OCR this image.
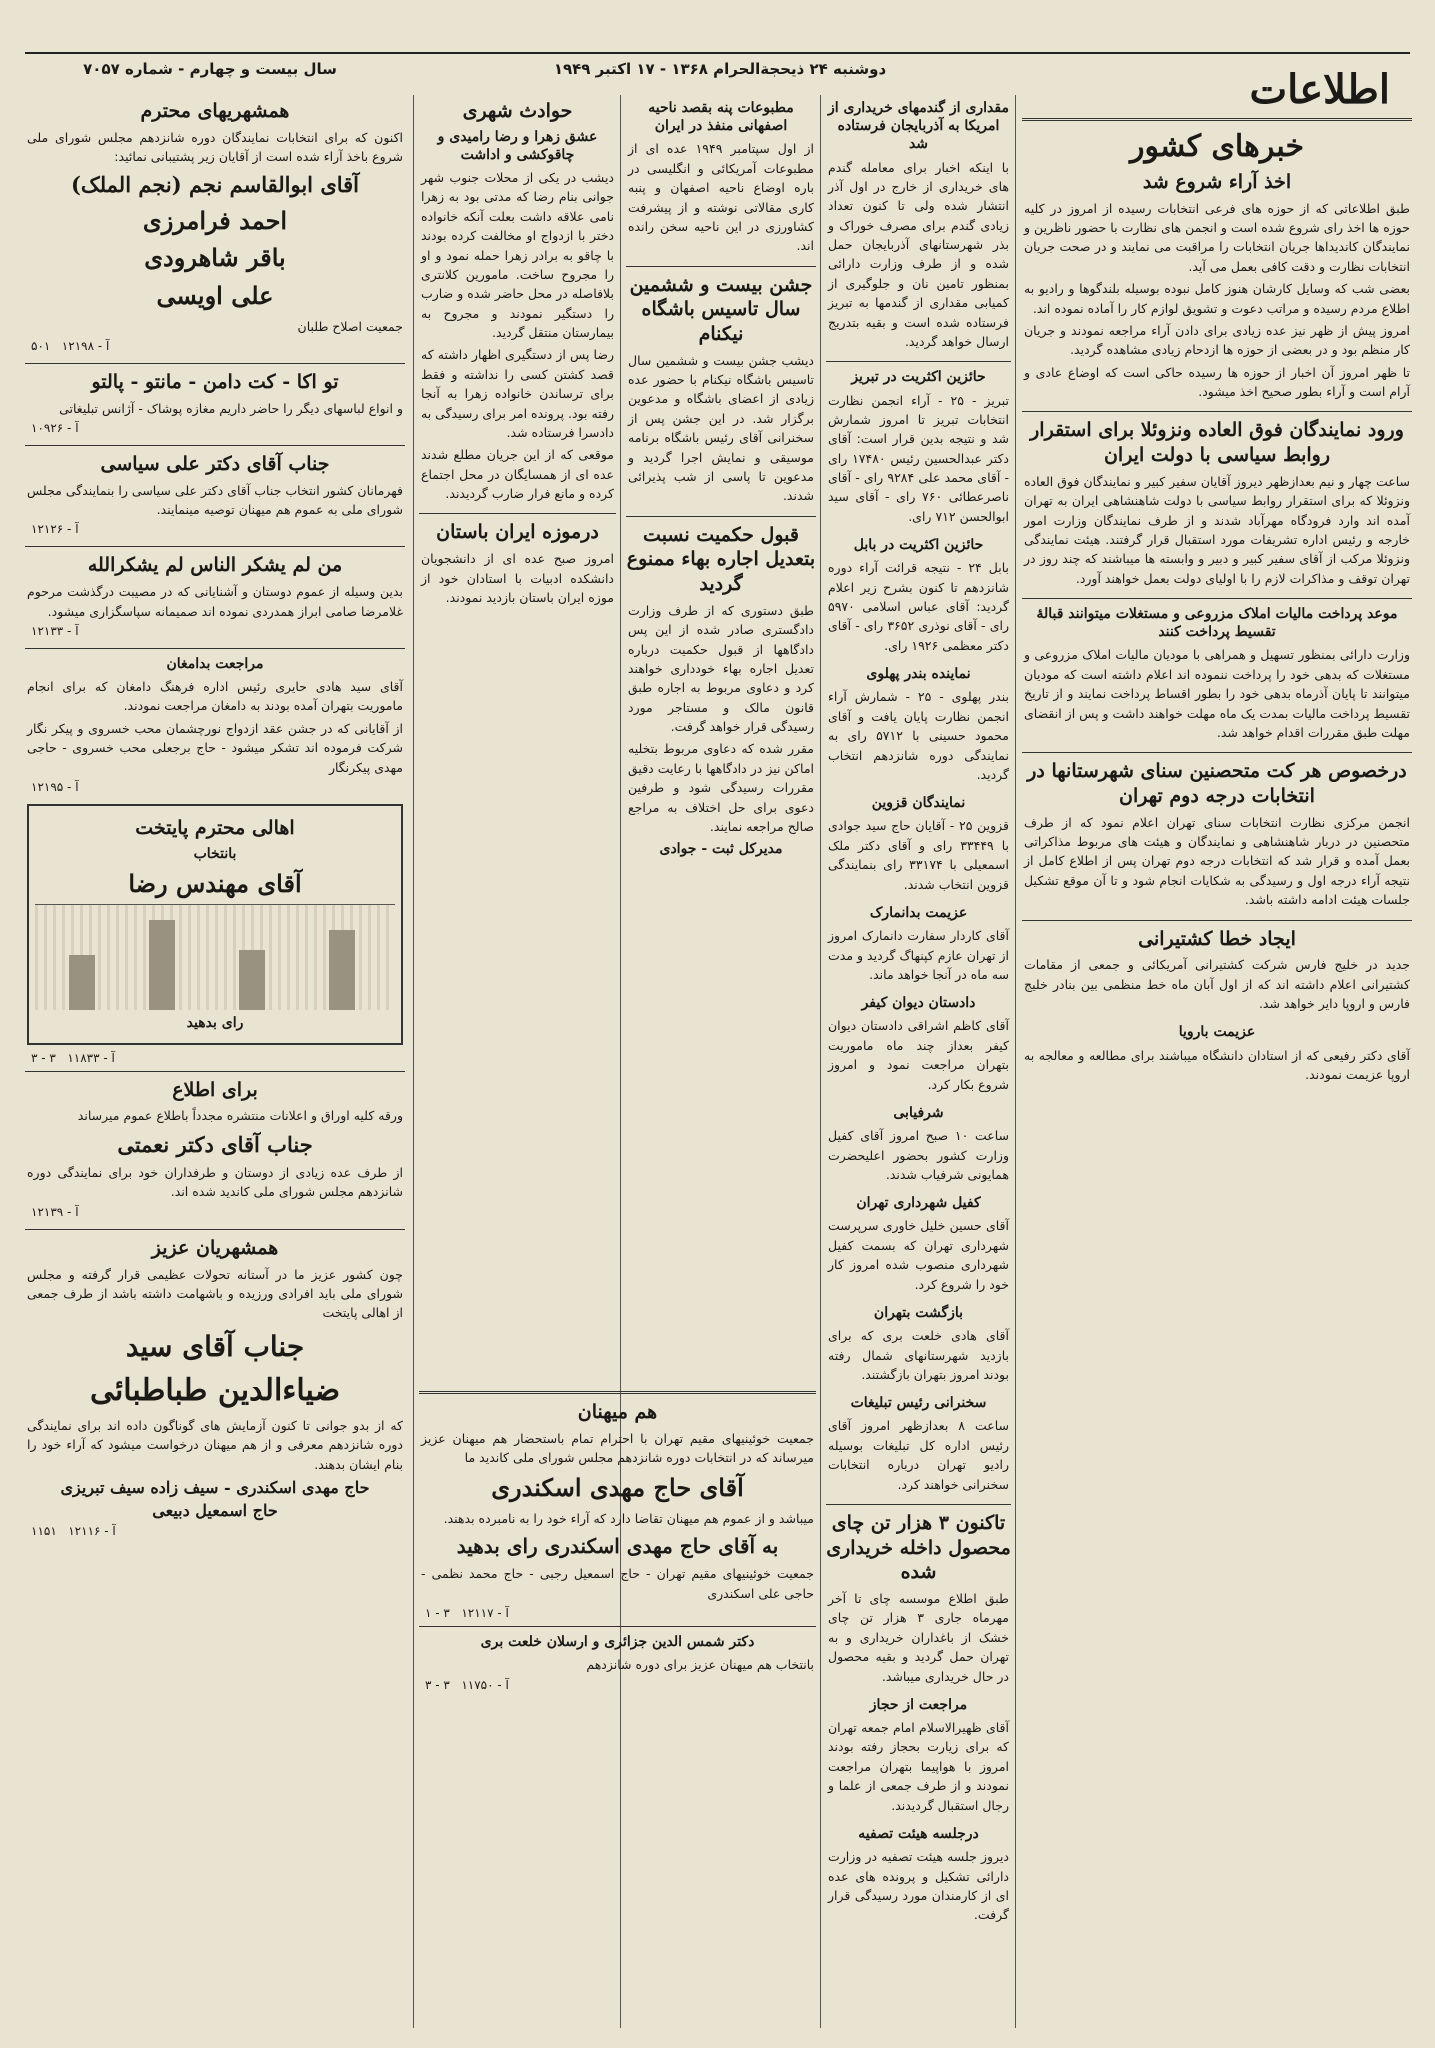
دوشنبه ۲۴ ذیحجةالحرام ۱۳۶۸ - ۱۷ اکتبر ۱۹۴۹
سال بیست و چهارم - شماره ۷۰۵۷	اطلاعات
خبرهای کشور
اخذ آراء شروع شد
طبق اطلاعاتی که از حوزه های فرعی انتخابات رسیده از امروز در کلیه حوزه ها اخذ رای شروع شده است و انجمن های نظارت با حضور ناظرین و نمایندگان کاندیداها جریان انتخابات را مراقبت می نمایند و در صحت جریان انتخابات نظارت و دقت کافی بعمل می آید.
بعضی شب که وسایل کارشان هنوز کامل نبوده بوسیله بلندگوها و رادیو به اطلاع مردم رسیده و مراتب دعوت و تشویق لوازم کار را آماده نموده اند.
امروز پیش از ظهر نیز عده زیادی برای دادن آراء مراجعه نمودند و جریان کار منظم بود و در بعضی از حوزه ها ازدحام زیادی مشاهده گردید.
تا ظهر امروز آن اخبار از حوزه ها رسیده حاکی است که اوضاع عادی و آرام است و آراء بطور صحیح اخذ میشود.
ورود نمایندگان فوق العاده ونزوئلا برای استقرار روابط سیاسی با دولت ایران
ساعت چهار و نیم بعدازظهر دیروز آقایان سفیر کبیر و نمایندگان فوق العاده ونزوئلا که برای استقرار روابط سیاسی با دولت شاهنشاهی ایران به تهران آمده اند وارد فرودگاه مهرآباد شدند و از طرف نمایندگان وزارت امور خارجه و رئیس اداره تشریفات مورد استقبال قرار گرفتند. هیئت نمایندگی ونزوئلا مرکب از آقای سفیر کبیر و دبیر و وابسته ها میباشند که چند روز در تهران توقف و مذاکرات لازم را با اولیای دولت بعمل خواهند آورد.
موعد پرداخت مالیات املاک مزروعی و مستغلات میتوانند قبالهٔ تقسیط پرداخت کنند
وزارت دارائی بمنظور تسهیل و همراهی با مودیان مالیات املاک مزروعی و مستغلات که بدهی خود را پرداخت ننموده اند اعلام داشته است که مودیان میتوانند تا پایان آذرماه بدهی خود را بطور اقساط پرداخت نمایند و از تاریخ تقسیط پرداخت مالیات بمدت یک ماه مهلت خواهند داشت و پس از انقضای مهلت طبق مقررات اقدام خواهد شد.
درخصوص هر کت متحصنین سنای شهرستانها در انتخابات درجه دوم تهران
انجمن مرکزی نظارت انتخابات سنای تهران اعلام نمود که از طرف متحصنین در دربار شاهنشاهی و نمایندگان و هیئت های مربوط مذاکراتی بعمل آمده و قرار شد که انتخابات درجه دوم تهران پس از اطلاع کامل از نتیجه آراء درجه اول و رسیدگی به شکایات انجام شود و تا آن موقع تشکیل جلسات هیئت ادامه داشته باشد.
ایجاد خطا کشتیرانی
جدید در خلیج فارس شرکت کشتیرانی آمریکائی و جمعی از مقامات کشتیرانی اعلام داشته اند که از اول آبان ماه خط منظمی بین بنادر خلیج فارس و اروپا دایر خواهد شد.
عزیمت بارویا
آقای دکتر رفیعی که از استادان دانشگاه میباشند برای مطالعه و معالجه به اروپا عزیمت نمودند.
مقداری از گندمهای خریداری از امریکا به آذربایجان فرستاده شد
با اینکه اخبار برای معامله گندم های خریداری از خارج در اول آذر انتشار شده ولی تا کنون تعداد زیادی گندم برای مصرف خوراک و بذر شهرستانهای آذربایجان حمل شده و از طرف وزارت دارائی بمنظور تامین نان و جلوگیری از کمیابی مقداری از گندمها به تبریز فرستاده شده است و بقیه بتدریج ارسال خواهد گردید.
حائزین اکثریت در تبریز
تبریز - ۲۵ - آراء انجمن نظارت انتخابات تبریز تا امروز شمارش شد و نتیجه بدین قرار است: آقای دکتر عبدالحسین رئیس ۱۷۴۸۰ رای - آقای محمد علی ۹۲۸۴ رای - آقای ناصرعطائی ۷۶۰ رای - آقای سید ابوالحسن ۷۱۲ رای.
حائزین اکثریت در بابل
بابل ۲۴ - نتیجه قرائت آراء دوره شانزدهم تا کنون بشرح زیر اعلام گردید: آقای عباس اسلامی ۵۹۷۰ رای - آقای نوذری ۳۶۵۲ رای - آقای دکتر معظمی ۱۹۲۶ رای.
نماینده بندر پهلوی
بندر پهلوی - ۲۵ - شمارش آراء انجمن نظارت پایان یافت و آقای محمود حسینی با ۵۷۱۲ رای به نمایندگی دوره شانزدهم انتخاب گردید.
نمایندگان قزوین
قزوین ۲۵ - آقایان حاج سید جوادی با ۳۳۴۴۹ رای و آقای دکتر ملک اسمعیلی با ۳۳۱۷۴ رای بنمایندگی قزوین انتخاب شدند.
عزیمت بدانمارک
آقای کاردار سفارت دانمارک امروز از تهران عازم کپنهاگ گردید و مدت سه ماه در آنجا خواهد ماند.
دادستان دیوان کیفر
آقای کاظم اشراقی دادستان دیوان کیفر بعداز چند ماه ماموریت بتهران مراجعت نمود و امروز شروع بکار کرد.
شرفیابی
ساعت ۱۰ صبح امروز آقای کفیل وزارت کشور بحضور اعلیحضرت همایونی شرفیاب شدند.
کفیل شهرداری تهران
آقای حسین خلیل خاوری سرپرست شهرداری تهران که بسمت کفیل شهرداری منصوب شده امروز کار خود را شروع کرد.
بازگشت بتهران
آقای هادی خلعت بری که برای بازدید شهرستانهای شمال رفته بودند امروز بتهران بازگشتند.
سخنرانی رئیس تبلیغات
ساعت ۸ بعدازظهر امروز آقای رئیس اداره کل تبلیغات بوسیله رادیو تهران درباره انتخابات سخنرانی خواهند کرد.
تاکنون ۳ هزار تن چای محصول داخله خریداری شده
طبق اطلاع موسسه چای تا آخر مهرماه جاری ۳ هزار تن چای خشک از باغداران خریداری و به تهران حمل گردید و بقیه محصول در حال خریداری میباشد.
مراجعت از حجاز
آقای ظهیرالاسلام امام جمعه تهران که برای زیارت بحجاز رفته بودند امروز با هواپیما بتهران مراجعت نمودند و از طرف جمعی از علما و رجال استقبال گردیدند.
درجلسه هیئت تصفیه
دیروز جلسه هیئت تصفیه در وزارت دارائی تشکیل و پرونده های عده ای از کارمندان مورد رسیدگی قرار گرفت.
مطبوعات پنه بقصد ناحیه اصفهانی منفذ در ایران
از اول سپتامبر ۱۹۴۹ عده ای از مطبوعات آمریکائی و انگلیسی در باره اوضاع ناحیه اصفهان و پنبه کاری مقالاتی نوشته و از پیشرفت کشاورزی در این ناحیه سخن رانده اند.
جشن بیست و ششمین سال تاسیس باشگاه نیکنام
دیشب جشن بیست و ششمین سال تاسیس باشگاه نیکنام با حضور عده زیادی از اعضای باشگاه و مدعوین برگزار شد. در این جشن پس از سخنرانی آقای رئیس باشگاه برنامه موسیقی و نمایش اجرا گردید و مدعوین تا پاسی از شب پذیرائی شدند.
قبول حکمیت نسبت بتعدیل اجاره بهاء ممنوع گردید
طبق دستوری که از طرف وزارت دادگستری صادر شده از این پس دادگاهها از قبول حکمیت درباره تعدیل اجاره بهاء خودداری خواهند کرد و دعاوی مربوط به اجاره طبق قانون مالک و مستاجر مورد رسیدگی قرار خواهد گرفت.
مقرر شده که دعاوی مربوط بتخلیه اماکن نیز در دادگاهها با رعایت دقیق مقررات رسیدگی شود و طرفین دعوی برای حل اختلاف به مراجع صالح مراجعه نمایند.
مدیرکل ثبت - جوادی
حوادث شهری
عشق زهرا و رضا رامیدی و چاقوکشی و اداشت
دیشب در یکی از محلات جنوب شهر جوانی بنام رضا که مدتی بود به زهرا نامی علاقه داشت بعلت آنکه خانواده دختر با ازدواج او مخالفت کرده بودند با چاقو به برادر زهرا حمله نمود و او را مجروح ساخت. مامورین کلانتری بلافاصله در محل حاضر شده و ضارب را دستگیر نمودند و مجروح به بیمارستان منتقل گردید.
رضا پس از دستگیری اظهار داشته که قصد کشتن کسی را نداشته و فقط برای ترساندن خانواده زهرا به آنجا رفته بود. پرونده امر برای رسیدگی به دادسرا فرستاده شد.
موقعی که از این جریان مطلع شدند عده ای از همسایگان در محل اجتماع کرده و مانع فرار ضارب گردیدند.
درموزه ایران باستان
امروز صبح عده ای از دانشجویان دانشکده ادبیات با استادان خود از موزه ایران باستان بازدید نمودند.
هم میهنان
جمعیت خوئینیهای مقیم تهران با احترام تمام باستحضار هم میهنان عزیز میرساند که در انتخابات دوره شانزدهم مجلس شورای ملی کاندید ما
آقای حاج مهدی اسکندری
میباشد و از عموم هم میهنان تقاضا دارد که آراء خود را به نامبرده بدهند.
به آقای حاج مهدی اسکندری رای بدهید
جمعیت خوئینیهای مقیم تهران - حاج اسمعیل رجبی - حاج محمد نظمی - حاجی علی اسکندری
آ - ۱۲۱۱۷   ۳ - ۱
دکتر شمس الدین جزائری و ارسلان خلعت بری
بانتخاب هم میهنان عزیز برای دوره شانزدهم
آ - ۱۱۷۵۰   ۳ - ۳
همشهریهای محترم
اکنون که برای انتخابات نمایندگان دوره شانزدهم مجلس شورای ملی شروع باخذ آراء شده است از آقایان زیر پشتیبانی نمائید:
آقای ابوالقاسم نجم (نجم الملک)
احمد فرامرزی
باقر شاهرودی
علی اویسی
جمعیت اصلاح طلبان
۵۰۱ آ - ۱۲۱۹۸
تو اکا - کت دامن - مانتو - پالتو
و انواع لباسهای دیگر را حاضر داریم مغازه پوشاک - آژانس تبلیغاتی
آ - ۱۰۹۲۶
جناب آقای دکتر علی سیاسی
فهرمانان کشور انتخاب جناب آقای دکتر علی سیاسی را بنمایندگی مجلس شورای ملی به عموم هم میهنان توصیه مینمایند.
آ - ۱۲۱۲۶
من لم یشکر الناس لم یشکرالله
بدین وسیله از عموم دوستان و آشنایانی که در مصیبت درگذشت مرحوم غلامرضا صامی ابراز همدردی نموده اند صمیمانه سپاسگزاری میشود.
آ - ۱۲۱۳۳
مراجعت بدامغان
آقای سید هادی حایری رئیس اداره فرهنگ دامغان که برای انجام ماموریت بتهران آمده بودند به دامغان مراجعت نمودند.
از آقایانی که در جشن عقد ازدواج نورچشمان محب خسروی و پیکر نگار شرکت فرموده اند تشکر میشود - حاج برجعلی محب خسروی - حاجی مهدی پیکرنگار
آ - ۱۲۱۹۵
اهالی محترم پایتخت
بانتخاب
آقای مهندس رضا
رای بدهید
۳ - ۳ آ - ۱۱۸۳۳
برای اطلاع
ورقه کلیه اوراق و اعلانات منتشره مجدداً باطلاع عموم میرساند
جناب آقای دکتر نعمتی
از طرف عده زیادی از دوستان و طرفداران خود برای نمایندگی دوره شانزدهم مجلس شورای ملی کاندید شده اند.
آ - ۱۲۱۳۹
همشهریان عزیز
چون کشور عزیز ما در آستانه تحولات عظیمی قرار گرفته و مجلس شورای ملی باید افرادی ورزیده و باشهامت داشته باشد از طرف جمعی از اهالی پایتخت
جناب آقای سید
ضیاءالدین طباطبائی
که از بدو جوانی تا کنون آزمایش های گوناگون داده اند برای نمایندگی دوره شانزدهم معرفی و از هم میهنان درخواست میشود که آراء خود را بنام ایشان بدهند.
حاج مهدی اسکندری - سیف زاده سیف تبریزی
حاج اسمعیل دبیعی
۱۱۵۱ آ - ۱۲۱۱۶
